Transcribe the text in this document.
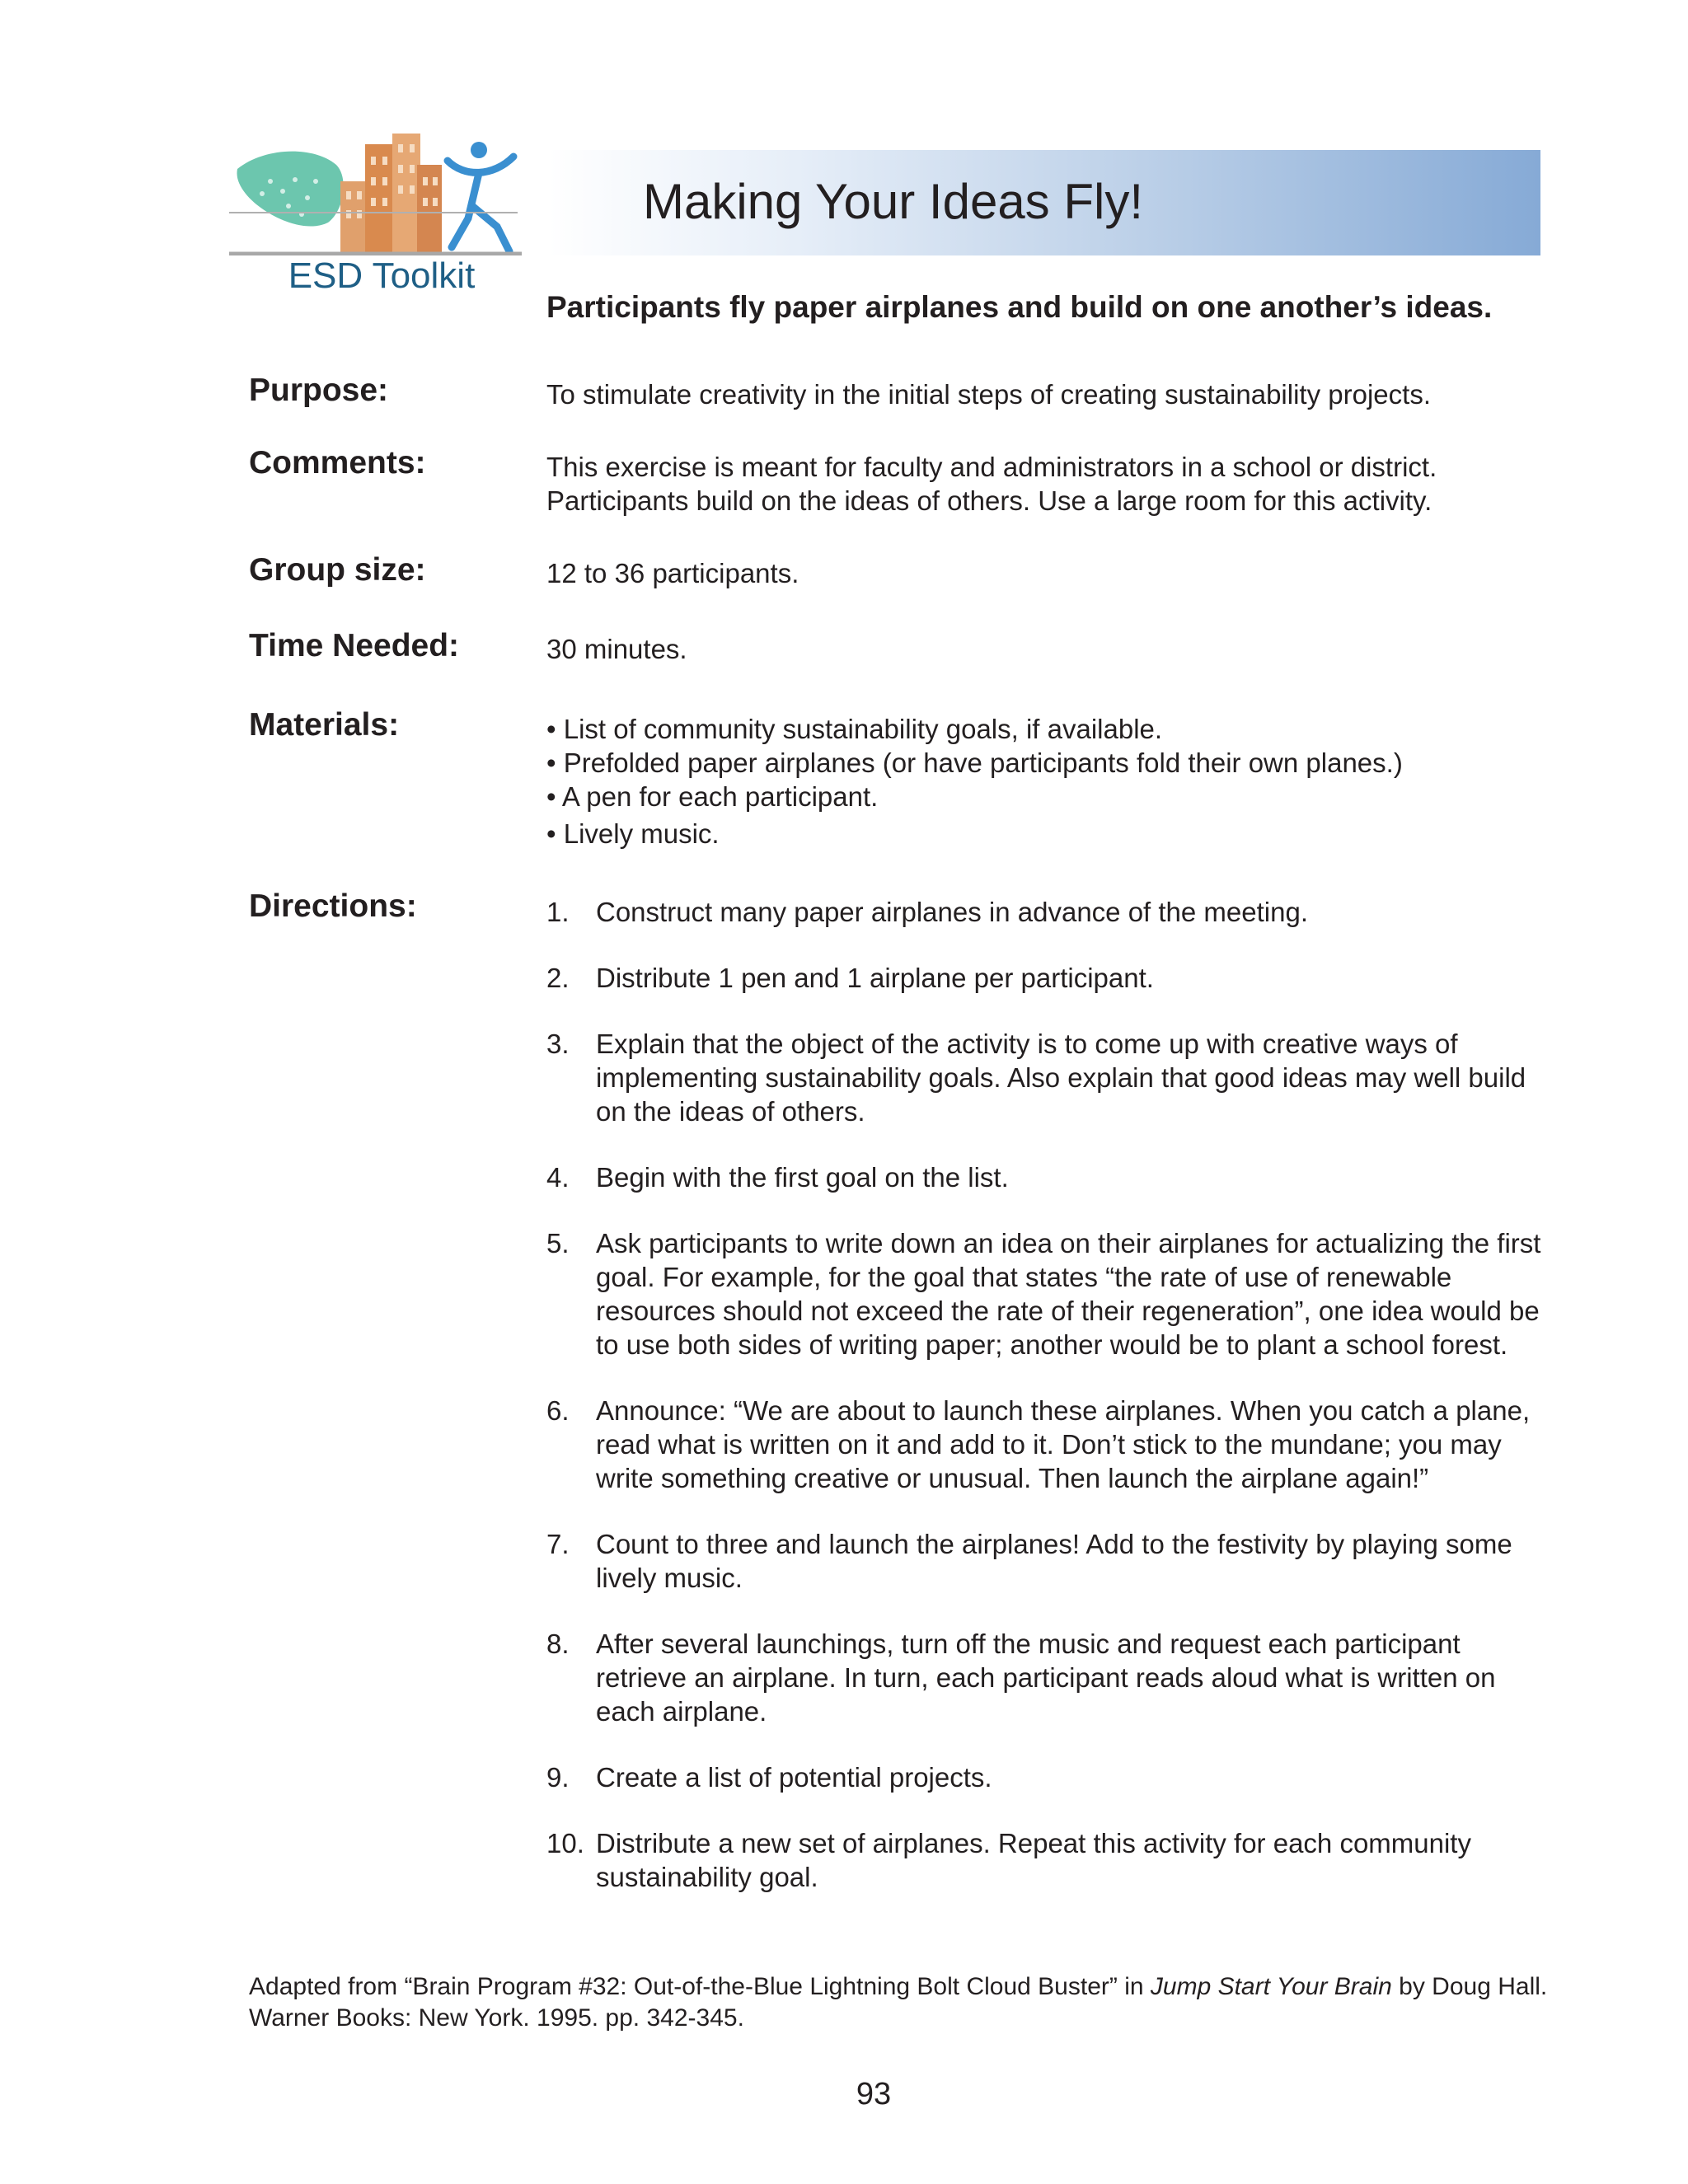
ESD Toolkit
Making Your Ideas Fly!
Participants fly paper airplanes and build on one another’s ideas.
Purpose:	To stimulate creativity in the initial steps of creating sustainability projects.
Comments:	This exercise is meant for faculty and administrators in a school or district.

Participants build on the ideas of others. Use a large room for this activity.

Group size:	12 to 36 participants.
Time Needed:	30 minutes.
Materials:	• List of community sustainability goals, if available.

• Prefolded paper airplanes (or have participants fold their own planes.)

• A pen for each participant.

• Lively music.

Directions:	1. Construct many paper airplanes in advance of the meeting.
2. Distribute 1 pen and 1 airplane per participant.
3. Explain that the object of the activity is to come up with creative ways of implementing sustainability goals. Also explain that good ideas may well build on the ideas of others.
4. Begin with the first goal on the list.
5. Ask participants to write down an idea on their airplanes for actualizing the first goal. For example, for the goal that states “the rate of use of renewable resources should not exceed the rate of their regeneration”, one idea would be to use both sides of writing paper; another would be to plant a school forest.
6. Announce: “We are about to launch these airplanes. When you catch a plane, read what is written on it and add to it. Don’t stick to the mundane; you may write something creative or unusual. Then launch the airplane again!”
7. Count to three and launch the airplanes! Add to the festivity by playing some lively music.
8. After several launchings, turn off the music and request each participant retrieve an airplane. In turn, each participant reads aloud what is written on each airplane.
9. Create a list of potential projects.
10. Distribute a new set of airplanes. Repeat this activity for each community sustainability goal.
Adapted from “Brain Program #32: Out-of-the-Blue Lightning Bolt Cloud Buster” in Jump Start Your Brain by Doug Hall. Warner Books: New York. 1995. pp. 342-345.
93
